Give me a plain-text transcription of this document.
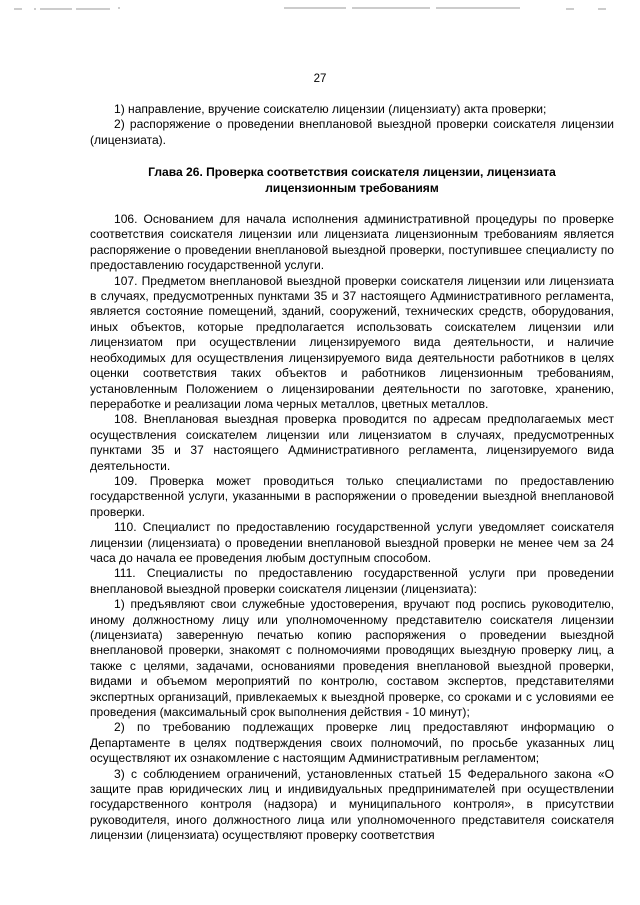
27

1) направление, вручение соискателю лицензии (лицензиату) акта проверки;

2) распоряжение о проведении внеплановой выездной проверки соискателя лицензии (лицензиата).

Глава 26. Проверка соответствия соискателя лицензии, лицензиата
лицензионным требованиям

106. Основанием для начала исполнения административной процедуры по проверке соответствия соискателя лицензии или лицензиата лицензионным требованиям является распоряжение о проведении внеплановой выездной проверки, поступившее специалисту по предоставлению государственной услуги.

107. Предметом внеплановой выездной проверки соискателя лицензии или лицензиата в случаях, предусмотренных пунктами 35 и 37 настоящего Административного регламента, является состояние помещений, зданий, сооружений, технических средств, оборудования, иных объектов, которые предполагается использовать соискателем лицензии или лицензиатом при осуществлении лицензируемого вида деятельности, и наличие необходимых для осуществления лицензируемого вида деятельности работников в целях оценки соответствия таких объектов и работников лицензионным требованиям, установленным Положением о лицензировании деятельности по заготовке, хранению, переработке и реализации лома черных металлов, цветных металлов.

108. Внеплановая выездная проверка проводится по адресам предполагаемых мест осуществления соискателем лицензии или лицензиатом в случаях, предусмотренных пунктами 35 и 37 настоящего Административного регламента, лицензируемого вида деятельности.

109. Проверка может проводиться только специалистами по предоставлению государственной услуги, указанными в распоряжении о проведении выездной внеплановой проверки.

110. Специалист по предоставлению государственной услуги уведомляет соискателя лицензии (лицензиата) о проведении внеплановой выездной проверки не менее чем за 24 часа до начала ее проведения любым доступным способом.

111. Специалисты по предоставлению государственной услуги при проведении внеплановой выездной проверки соискателя лицензии (лицензиата):

1) предъявляют свои служебные удостоверения, вручают под роспись руководителю, иному должностному лицу или уполномоченному представителю соискателя лицензии (лицензиата) заверенную печатью копию распоряжения о проведении выездной внеплановой проверки, знакомят с полномочиями проводящих выездную проверку лиц, а также с целями, задачами, основаниями проведения внеплановой выездной проверки, видами и объемом мероприятий по контролю, составом экспертов, представителями экспертных организаций, привлекаемых к выездной проверке, со сроками и с условиями ее проведения (максимальный срок выполнения действия - 10 минут);

2) по требованию подлежащих проверке лиц предоставляют информацию о Департаменте в целях подтверждения своих полномочий, по просьбе указанных лиц осуществляют их ознакомление с настоящим Административным регламентом;

3) с соблюдением ограничений, установленных статьей 15 Федерального закона «О защите прав юридических лиц и индивидуальных предпринимателей при осуществлении государственного контроля (надзора) и муниципального контроля», в присутствии руководителя, иного должностного лица или уполномоченного представителя соискателя лицензии (лицензиата) осуществляют проверку соответствия
